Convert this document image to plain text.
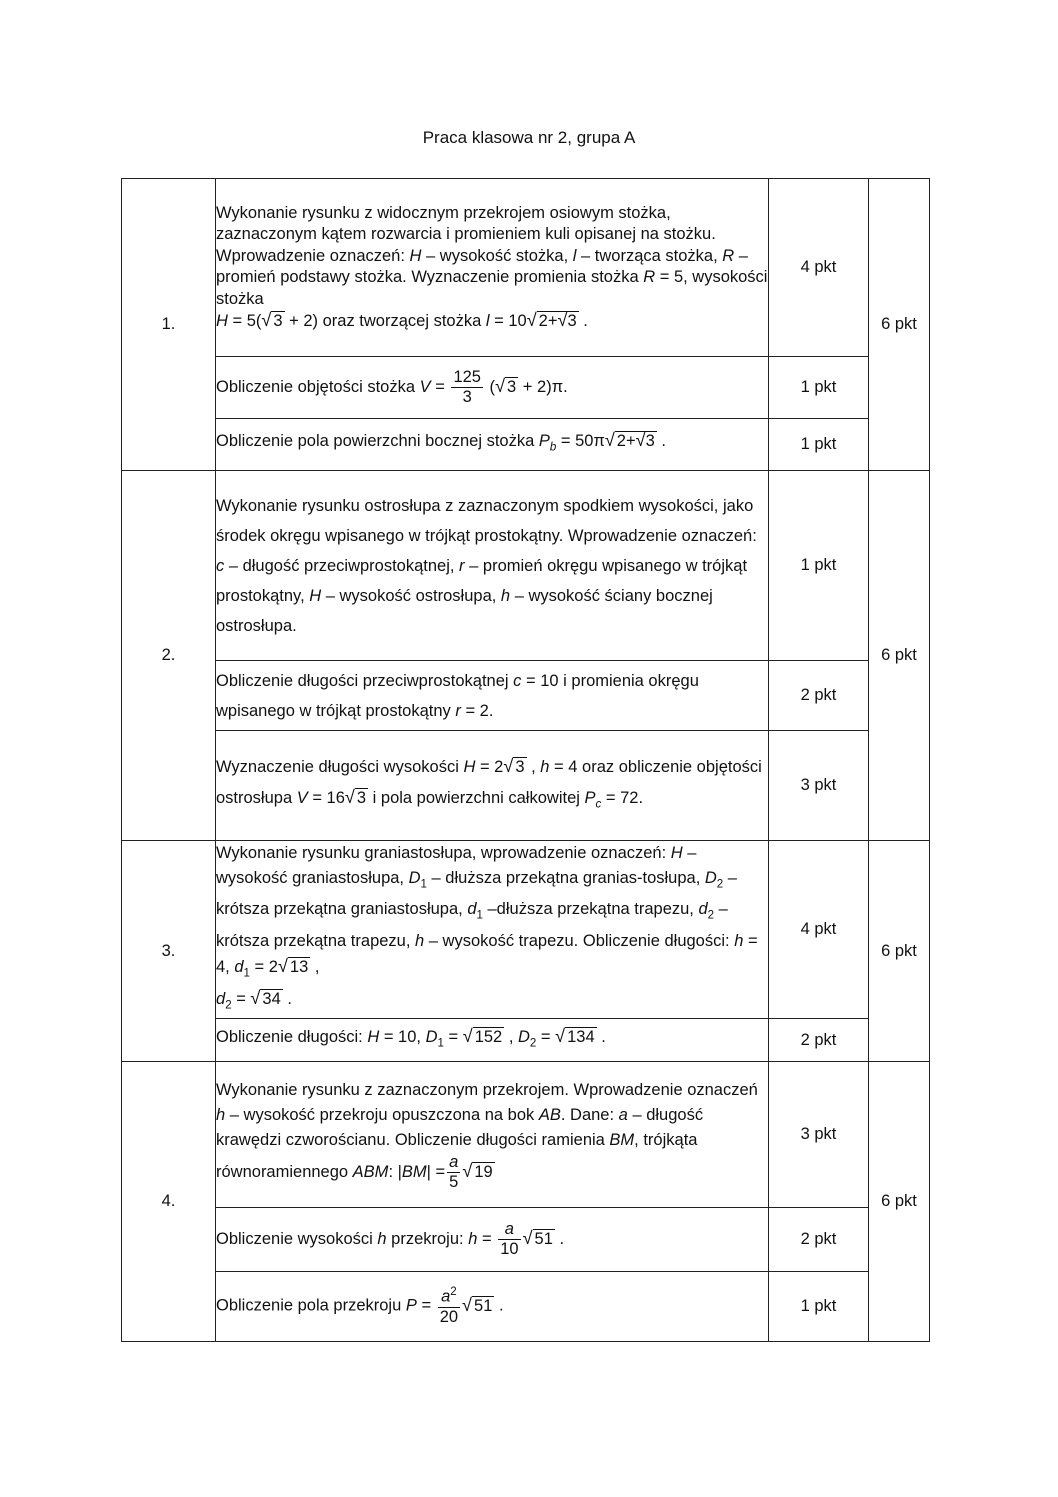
Praca klasowa nr 2, grupa A
1.	Wykonanie rysunku z widocznym przekrojem osiowym stożka, zaznaczonym kątem rozwarcia i promieniem kuli opisanej na stożku. Wprowadzenie oznaczeń: H – wysokość stożka, l – tworząca stożka, R – promień podstawy stożka. Wyznaczenie promienia stożka R = 5, wysokości stożka
H = 5(√ 3 + 2) oraz tworzącej stożka l = 10√ 2+√3 .	4 pkt	6 pkt
	Obliczenie objętości stożka $V = \frac{125}{3}$ (√ 3 + 2)π.	1 pkt	
	Obliczenie pola powierzchni bocznej stożka $P_b = 50\pi√$ 2+√3 .	1 pkt	
2.	Wykonanie rysunku ostrosłupa z zaznaczonym spodkiem wysokości, jako środek okręgu wpisanego w trójkąt prostokątny. Wprowadzenie oznaczeń: c – długość przeciwprostokątnej, r – promień okręgu wpisanego w trójkąt prostokątny, H – wysokość ostrosłupa, h – wysokość ściany bocznej ostrosłupa.	1 pkt	6 pkt
	Obliczenie długości przeciwprostokątnej c = 10 i promienia okręgu wpisanego w trójkąt prostokątny r = 2.	2 pkt	
	Wyznaczenie długości wysokości H = 2√ 3 , h = 4 oraz obliczenie objętości ostrosłupa V = 16√ 3 i pola powierzchni całkowitej $P_c = 72$.	3 pkt	
3.	Wykonanie rysunku graniastosłupa, wprowadzenie oznaczeń: H – wysokość graniastosłupa, $D_1$ – dłuższa przekątna granias-tosłupa, $D_2$ – krótsza przekątna graniastosłupa, $d_1$ –dłuższa przekątna trapezu, $d_2$ – krótsza przekątna trapezu, h – wysokość trapezu. Obliczenie długości: h = 4, $d_1 = 2√$ 13 ,
$d_2$ = √ 34 .	4 pkt	6 pkt
	Obliczenie długości: H = 10, $D_1$ = √ 152 , $D_2$ = √ 134 .	2 pkt	
4.	Wykonanie rysunku z zaznaczonym przekrojem. Wprowadzenie oznaczeń h – wysokość przekroju opuszczona na bok AB. Dane: a – długość krawędzi czworościanu. Obliczenie długości ramienia BM, trójkąta równoramiennego ABM: $|BM| = \frac{a}{5}$ √ 19	3 pkt	6 pkt
	Obliczenie wysokości h przekroju: $h = \frac{a}{10}$ √ 51 .	2 pkt	
	Obliczenie pola przekroju $P = \frac{a^2}{20}$ √ 51 .	1 pkt	
